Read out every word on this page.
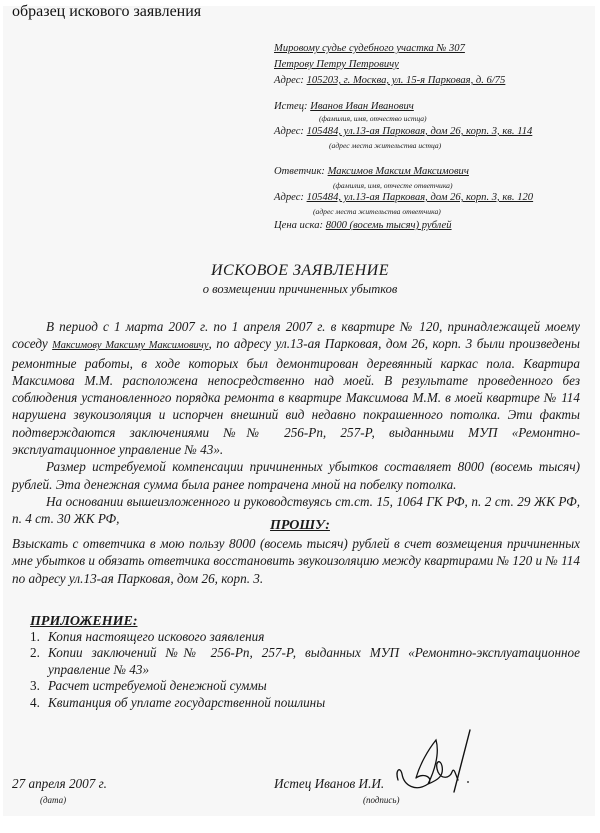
образец искового заявления
Мировому судье судебного участка № 307
Петрову Петру Петровичу
Адрес: 105203, г. Москва, ул. 15-я Парковая, д. 6/75
Истец: Иванов Иван Иванович
(фамилия, имя, отчество истца)
Адрес: 105484, ул.13-ая Парковая, дом 26, корп. 3, кв. 114
(адрес места жительства истца)
Ответчик: Максимов Максим Максимович
(фамилия, имя, отчесте ответчика)
Адрес: 105484, ул.13-ая Парковая, дом 26, корп. 3, кв. 120
(адрес места жительства ответчика)
Цена иска: 8000 (восемь тысяч) рублей
ИСКОВОЕ ЗАЯВЛЕНИЕ
о возмещении причиненных убытков

В период с 1 марта 2007 г. по 1 апреля 2007 г. в квартире № 120, принадлежащей моему соседу Максимову Максиму Максимовичу, по адресу ул.13-ая Парковая, дом 26, корп. 3 были произведены ремонтные работы, в ходе которых был демонтирован деревянный каркас пола. Квартира Максимова М.М. расположена непосредственно над моей. В результате проведенного без соблюдения установленного порядка ремонта в квартире Максимова М.М. в моей квартире № 114 нарушена звукоизоляция и испорчен внешний вид недавно покрашенного потолка. Эти факты подтверждаются заключениями №№ 256-Рп, 257-Р, выданными МУП «Ремонтно-эксплуатационное управление № 43».

Размер истребуемой компенсации причиненных убытков составляет 8000 (восемь тысяч) рублей. Эта денежная сумма была ранее потрачена мной на побелку потолка.

На основании вышеизложенного и руководствуясь ст.ст. 15, 1064 ГК РФ, п. 2 ст. 29 ЖК РФ, п. 4 ст. 30 ЖК РФ,	ПРОШУ:
Взыскать с ответчика в мою пользу 8000 (восемь тысяч) рублей в счет возмещения причиненных мне убытков и обязать ответчика восстановить звукоизоляцию между квартирами № 120 и № 114 по адресу ул.13-ая Парковая, дом 26, корп. 3.
ПРИЛОЖЕНИЕ:
1. Копия настоящего искового заявления
2. Копии заключений №№ 256-Рп, 257-Р, выданных МУП «Ремонтно-эксплуатационное управление № 43»
3. Расчет истребуемой денежной суммы
4. Квитанция об уплате государственной пошлины
27 апреля 2007 г.
(дата)
Истец Иванов И.И.
(подпись)
